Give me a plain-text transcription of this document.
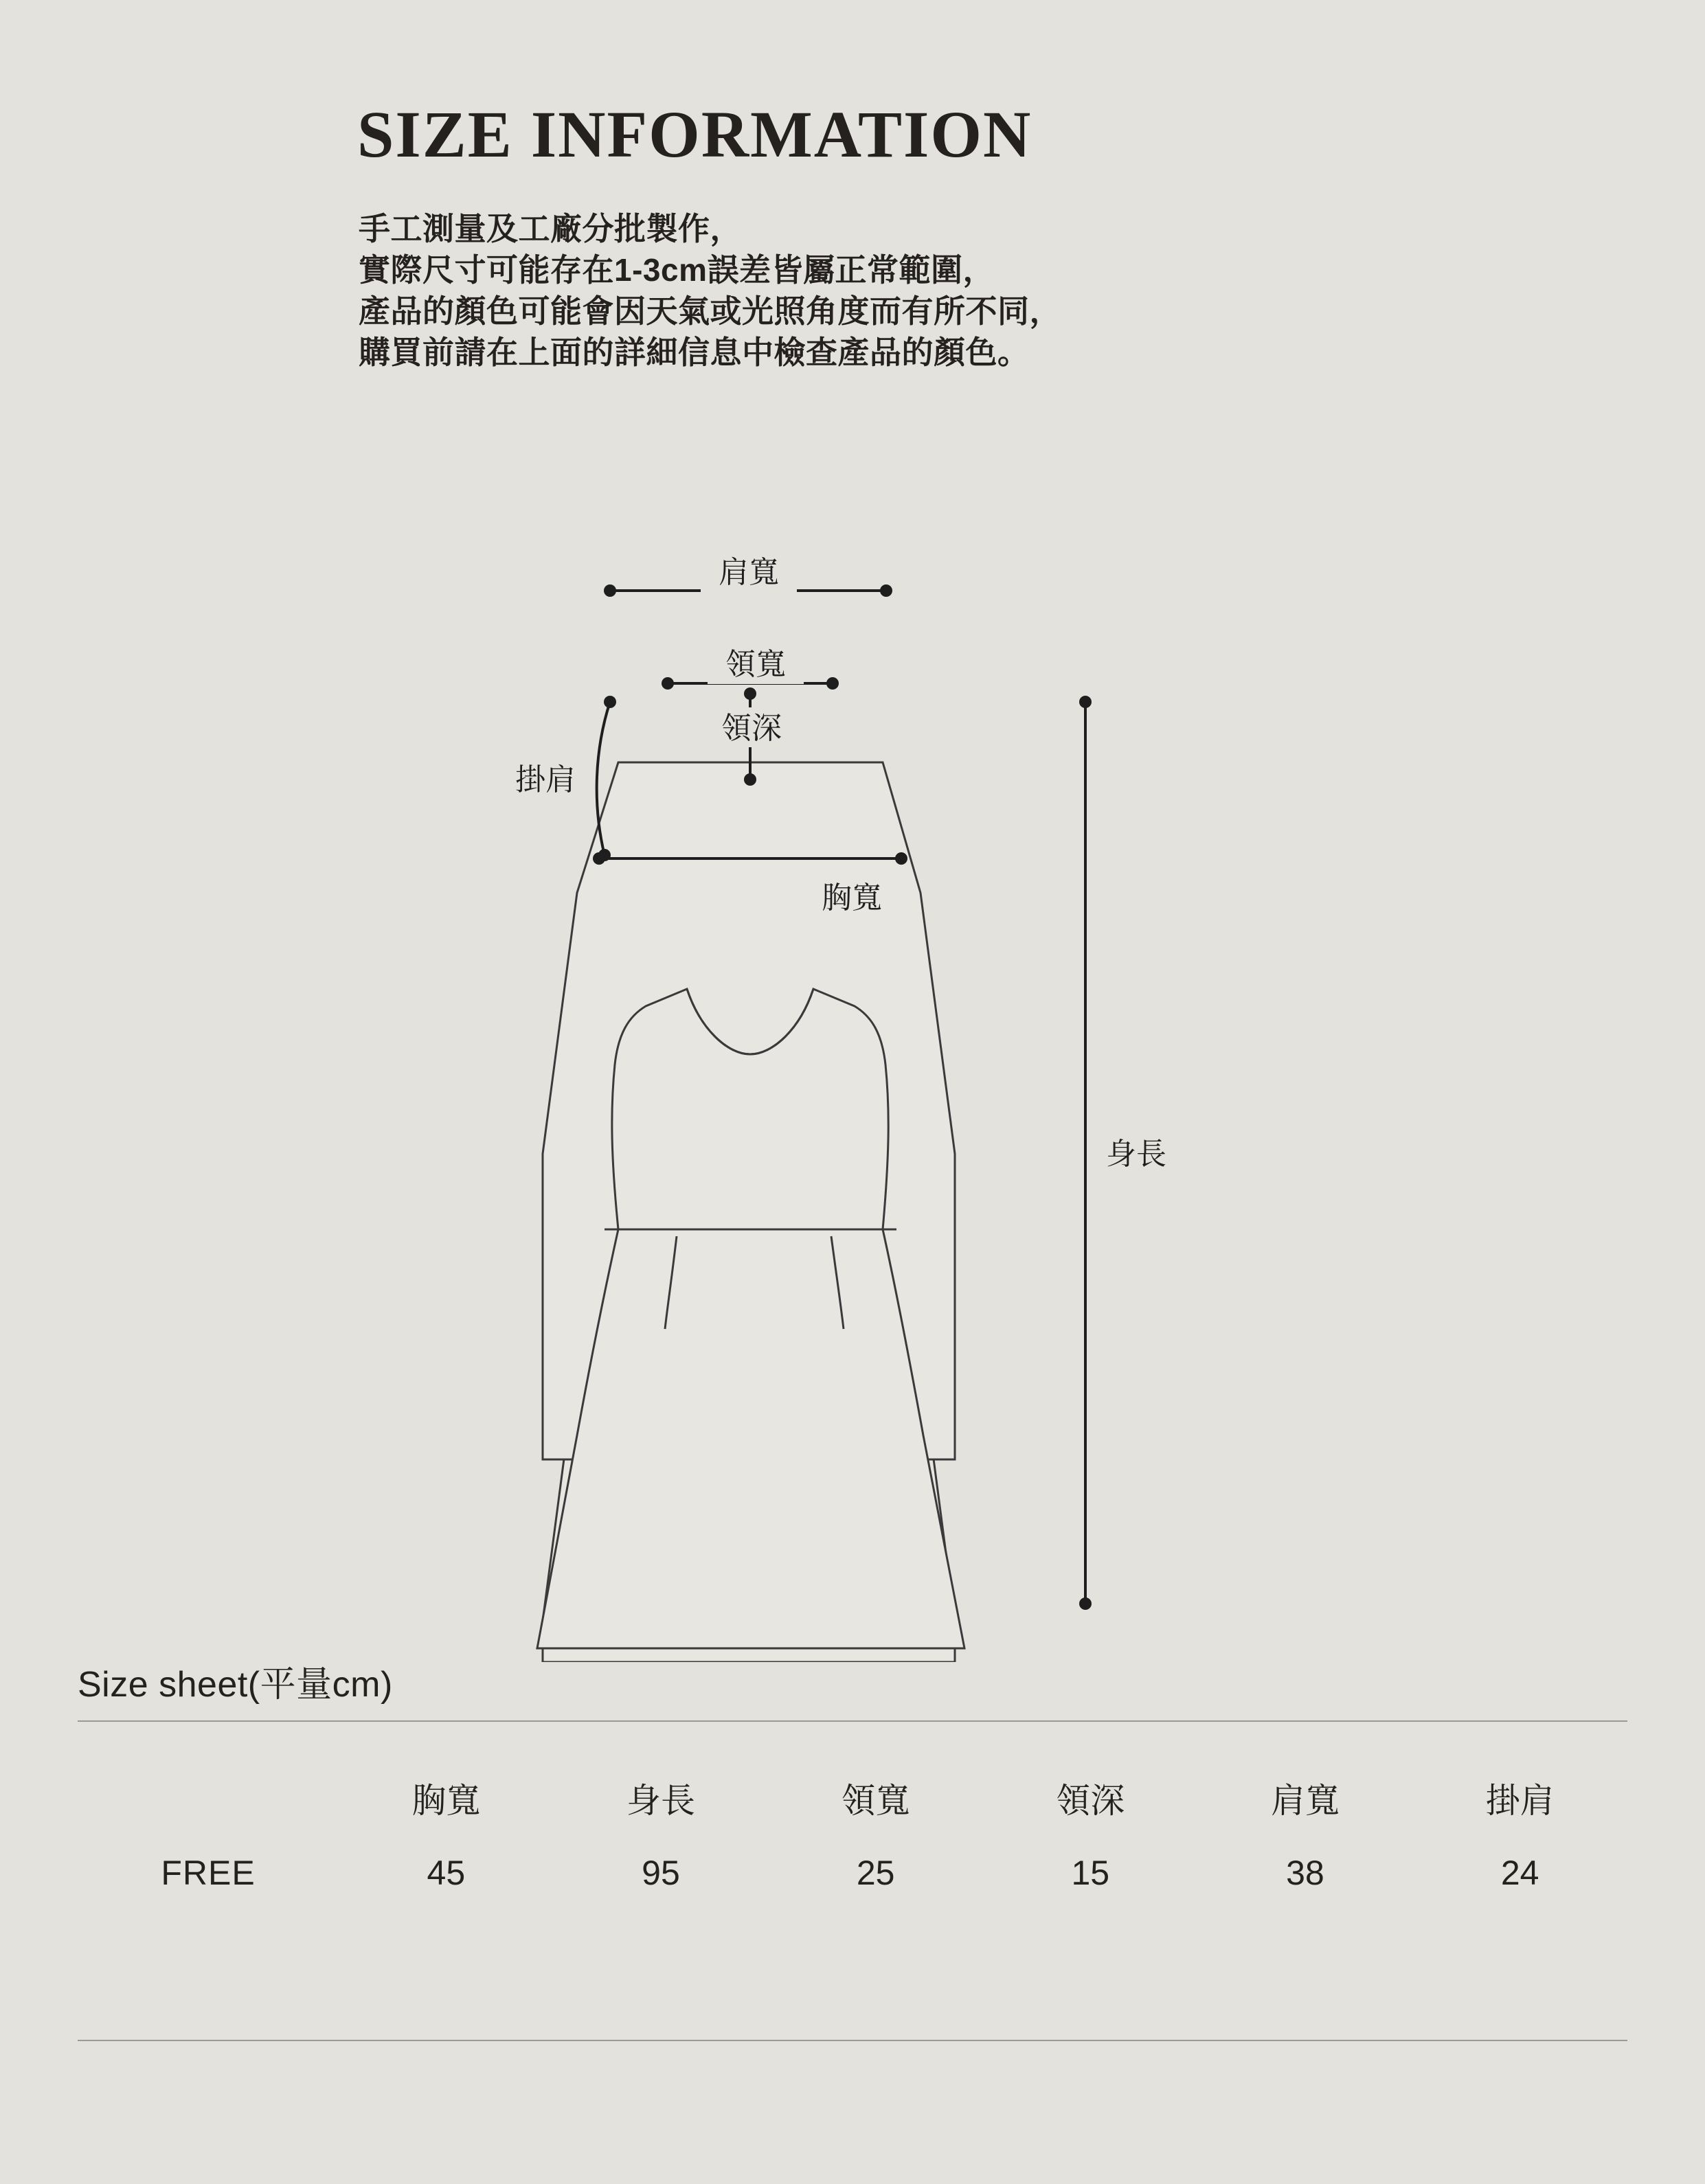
SIZE INFORMATION
手工測量及工廠分批製作，
實際尺寸可能存在1-3cm誤差皆屬正常範圍，
產品的顏色可能會因天氣或光照角度而有所不同，
購買前請在上面的詳細信息中檢查產品的顏色。
肩寬
領寬
領深
掛肩
胸寬
身長
Size sheet(平量cm)
	胸寬	身長	領寬	領深	肩寬	掛肩
FREE	45	95	25	15	38	24
